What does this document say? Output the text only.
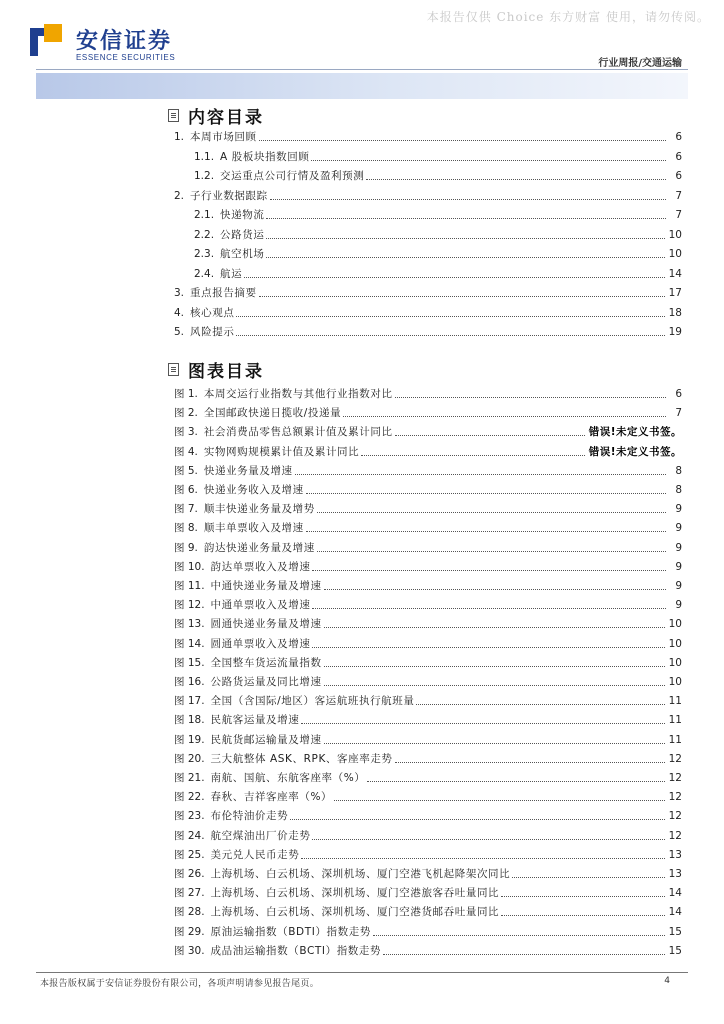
本报告仅供 Choice 东方财富 使用，请勿传阅。
安信证券
ESSENCE SECURITIES
行业周报/交通运输
内容目录
1. 本周市场回顾	6
1.1. A 股板块指数回顾	6
1.2. 交运重点公司行情及盈利预测	6
2. 子行业数据跟踪	7
2.1. 快递物流	7
2.2. 公路货运	10
2.3. 航空机场	10
2.4. 航运	14
3. 重点报告摘要	17
4. 核心观点	18
5. 风险提示	19
图表目录
图 1. 本周交运行业指数与其他行业指数对比	6
图 2. 全国邮政快递日揽收/投递量	7
图 3. 社会消费品零售总额累计值及累计同比	错误!未定义书签。
图 4. 实物网购规模累计值及累计同比	错误!未定义书签。
图 5. 快递业务量及增速	8
图 6. 快递业务收入及增速	8
图 7. 顺丰快递业务量及增势	9
图 8. 顺丰单票收入及增速	9
图 9. 韵达快递业务量及增速	9
图 10. 韵达单票收入及增速	9
图 11. 中通快递业务量及增速	9
图 12. 中通单票收入及增速	9
图 13. 圆通快递业务量及增速	10
图 14. 圆通单票收入及增速	10
图 15. 全国整车货运流量指数	10
图 16. 公路货运量及同比增速	10
图 17. 全国（含国际/地区）客运航班执行航班量	11
图 18. 民航客运量及增速	11
图 19. 民航货邮运输量及增速	11
图 20. 三大航整体 ASK、RPK、客座率走势	12
图 21. 南航、国航、东航客座率（%）	12
图 22. 春秋、吉祥客座率（%）	12
图 23. 布伦特油价走势	12
图 24. 航空煤油出厂价走势	12
图 25. 美元兑人民币走势	13
图 26. 上海机场、白云机场、深圳机场、厦门空港飞机起降架次同比	13
图 27. 上海机场、白云机场、深圳机场、厦门空港旅客吞吐量同比	14
图 28. 上海机场、白云机场、深圳机场、厦门空港货邮吞吐量同比	14
图 29. 原油运输指数（BDTI）指数走势	15
图 30. 成品油运输指数（BCTI）指数走势	15
本报告版权属于安信证券股份有限公司，各项声明请参见报告尾页。	4
